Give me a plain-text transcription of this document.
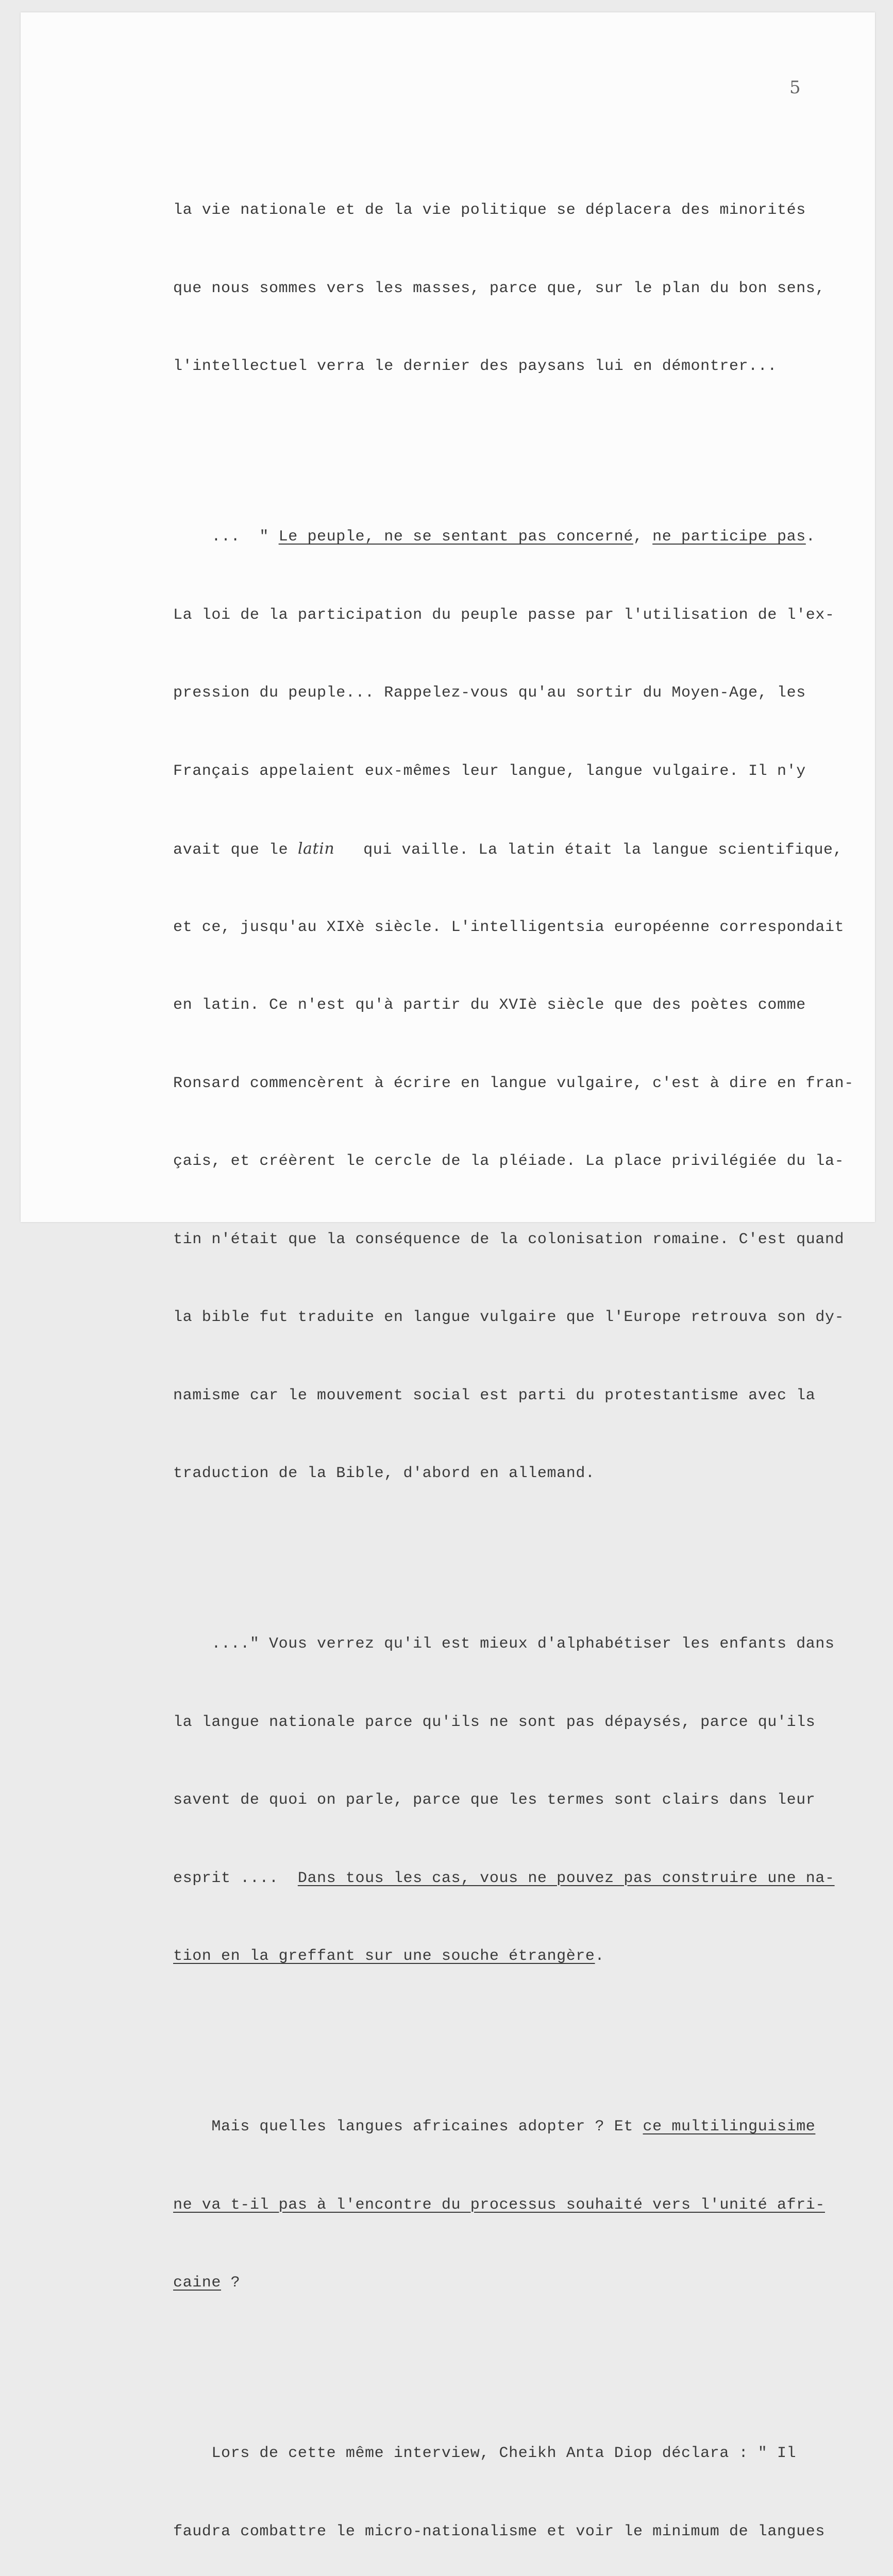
5

la vie nationale et de la vie politique se déplacera des minorités

que nous sommes vers les masses, parce que, sur le plan du bon sens,

l'intellectuel verra le dernier des paysans lui en démontrer...

...  " Le peuple, ne se sentant pas concerné, ne participe pas.

La loi de la participation du peuple passe par l'utilisation de l'ex-

pression du peuple... Rappelez-vous qu'au sortir du Moyen-Age, les

Français appelaient eux-mêmes leur langue, langue vulgaire. Il n'y

avait que le latin   qui vaille. La latin était la langue scientifique,

et ce, jusqu'au XIXè siècle. L'intelligentsia européenne correspondait

en latin. Ce n'est qu'à partir du XVIè siècle que des poètes comme

Ronsard commencèrent à écrire en langue vulgaire, c'est à dire en fran-

çais, et créèrent le cercle de la pléiade. La place privilégiée du la-

tin n'était que la conséquence de la colonisation romaine. C'est quand

la bible fut traduite en langue vulgaire que l'Europe retrouva son dy-

namisme car le mouvement social est parti du protestantisme avec la

traduction de la Bible, d'abord en allemand.

...." Vous verrez qu'il est mieux d'alphabétiser les enfants dans

la langue nationale parce qu'ils ne sont pas dépaysés, parce qu'ils

savent de quoi on parle, parce que les termes sont clairs dans leur

esprit ....  Dans tous les cas, vous ne pouvez pas construire une na-

tion en la greffant sur une souche étrangère.

Mais quelles langues africaines adopter ? Et ce multilinguisime

ne va t-il pas à l'encontre du processus souhaité vers l'unité afri-

caine ?

Lors de cette même interview, Cheikh Anta Diop déclara : " Il

faudra combattre le micro-nationalisme et voir le minimum de langues
